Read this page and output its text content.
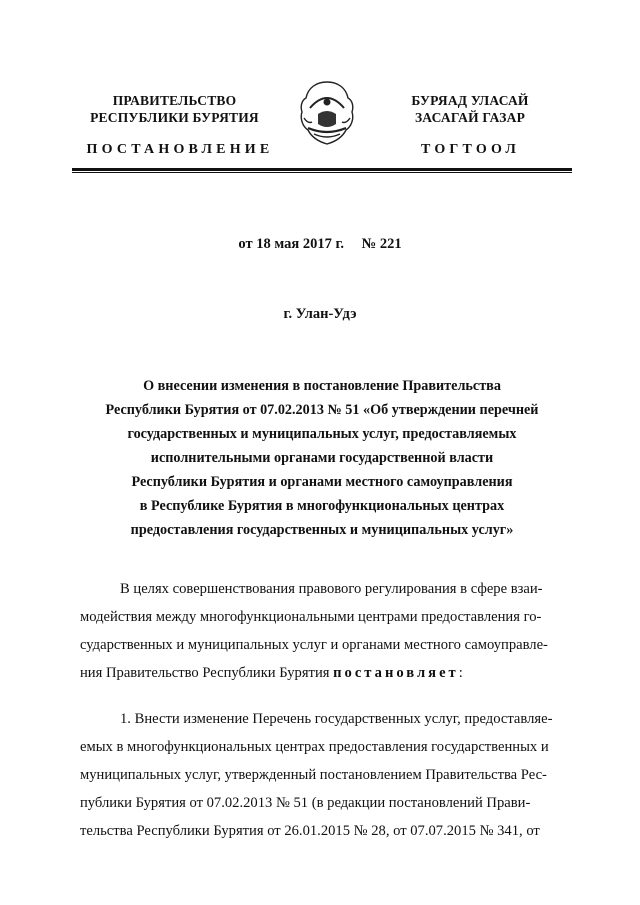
ПРАВИТЕЛЬСТВО
РЕСПУБЛИКИ БУРЯТИЯ
БУРЯАД УЛАСАЙ
ЗАСАГАЙ ГАЗАР
ПОСТАНОВЛЕНИЕ	ТОГТООЛ
от 18 мая 2017 г. № 221
г. Улан-Удэ
О внесении изменения в постановление Правительства
Республики Бурятия от 07.02.2013 № 51 «Об утверждении перечней
государственных и муниципальных услуг, предоставляемых
исполнительными органами государственной власти
Республики Бурятия и органами местного самоуправления
в Республике Бурятия в многофункциональных центрах
предоставления государственных и муниципальных услуг»
В целях совершенствования правового регулирования в сфере взаи-
модействия между многофункциональными центрами предоставления го-
сударственных и муниципальных услуг и органами местного самоуправле-
ния Правительство Республики Бурятия постановляет:
1. Внести изменение Перечень государственных услуг, предоставляе-
емых в многофункциональных центрах предоставления государственных и
муниципальных услуг, утвержденный постановлением Правительства Рес-
публики Бурятия от 07.02.2013 № 51 (в редакции постановлений Прави-
тельства Республики Бурятия от 26.01.2015 № 28, от 07.07.2015 № 341, от
